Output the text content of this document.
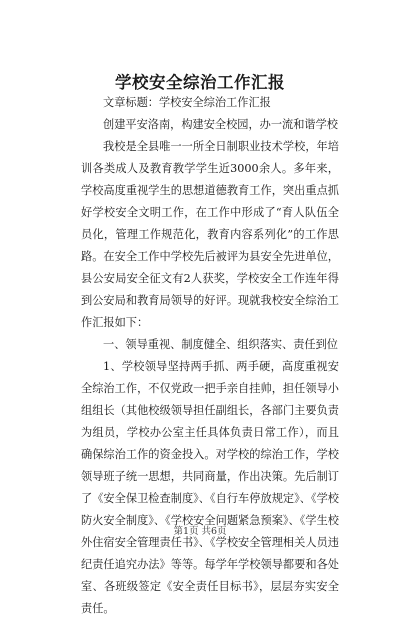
学校安全综治工作汇报

文章标题：学校安全综治工作汇报

创建平安洛南，构建安全校园，办一流和谐学校

我校是全县唯一一所全日制职业技术学校，年培训各类成人及教育教学学生近3000余人。多年来，学校高度重视学生的思想道德教育工作，突出重点抓好学校安全文明工作，在工作中形成了“育人队伍全员化，管理工作规范化，教育内容系列化”的工作思路。在安全工作中学校先后被评为县安全先进单位，县公安局安全征文有2人获奖，学校安全工作连年得到公安局和教育局领导的好评。现就我校安全综治工作汇报如下：

一、领导重视、制度健全、组织落实、责任到位

1、学校领导坚持两手抓、两手硬，高度重视安全综治工作，不仅党政一把手亲自挂帅，担任领导小组组长（其他校级领导担任副组长，各部门主要负责为组员，学校办公室主任具体负责日常工作），而且确保综治工作的资金投入。对学校的综治工作，学校领导班子统一思想，共同商量，作出决策。先后制订了《安全保卫检查制度》、《自行车停放规定》、《学校防火安全制度》、《学校安全问题紧急预案》、《学生校外住宿安全管理责任书》、《学校安全管理相关人员违纪责任追究办法》等等。每学年学校领导都要和各处室、各班级签定《安全责任目标书》，层层夯实安全责任。

第1页 共6页
